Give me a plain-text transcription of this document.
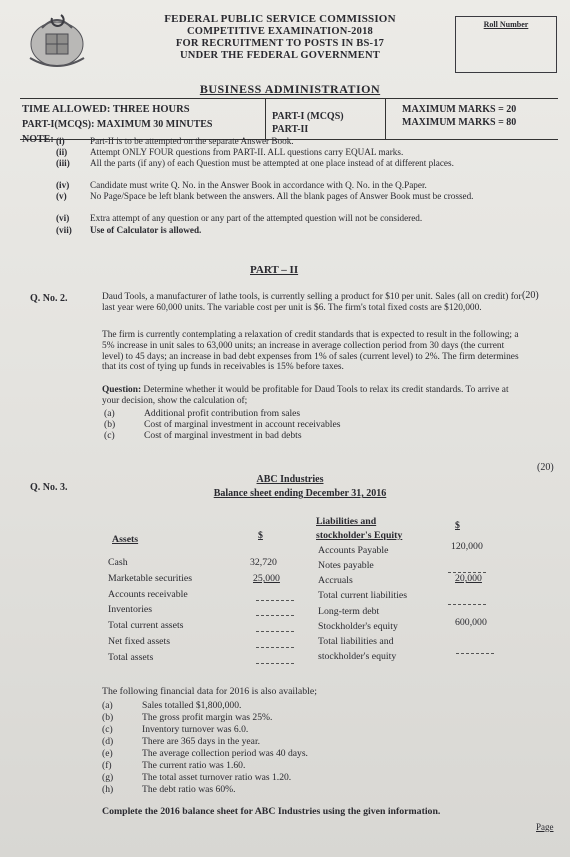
FEDERAL PUBLIC SERVICE COMMISSION
COMPETITIVE EXAMINATION-2018
FOR RECRUITMENT TO POSTS IN BS-17
UNDER THE FEDERAL GOVERNMENT
Roll Number
BUSINESS ADMINISTRATION
TIME ALLOWED: THREE HOURS
PART-I(MCQS): MAXIMUM 30 MINUTES
PART-I (MCQS)
PART-II
MAXIMUM MARKS = 20
MAXIMUM MARKS = 80
NOTE: (i)	Part-II is to be attempted on the separate Answer Book.
(ii) Attempt ONLY FOUR questions from PART-II. ALL questions carry EQUAL marks.
(iii) All the parts (if any) of each Question must be attempted at one place instead of at different places.
(iv) Candidate must write Q. No. in the Answer Book in accordance with Q. No. in the Q.Paper.
(v)	No Page/Space be left blank between the answers. All the blank pages of Answer Book must be crossed.
(vi) Extra attempt of any question or any part of the attempted question will not be considered.
(vii) Use of Calculator is allowed.
PART – II
Q. No. 2.	(20)
Daud Tools, a manufacturer of lathe tools, is currently selling a product for $10 per unit. Sales (all on credit) for last year were 60,000 units. The variable cost per unit is $6. The firm's total fixed costs are $120,000.
The firm is currently contemplating a relaxation of credit standards that is expected to result in the following; a 5% increase in unit sales to 63,000 units; an increase in average collection period from 30 days (the current level) to 45 days; an increase in bad debt expenses from 1% of sales (current level) to 2%. The firm determines that its cost of tying up funds in receivables is 15% before taxes.
Question: Determine whether it would be profitable for Daud Tools to relax its credit standards. To arrive at your decision, show the calculation of;
(a)	Additional profit contribution from sales
(b)	Cost of marginal investment in account receivables
(c)	Cost of marginal investment in bad debts
Q. No. 3.
(20)
ABC Industries
Balance sheet ending December 31, 2016
Assets	$
Liabilities and
stockholder's Equity
$
Cash	32,720
Marketable securities	25,000
Accounts receivable
Inventories
Total current assets
Net fixed assets
Total assets
Accounts Payable	120,000
Notes payable
Accruals	20,000
Total current liabilities
Long-term debt
Stockholder's equity	600,000
Total liabilities and
stockholder's equity
The following financial data for 2016 is also available;
(a)	Sales totalled $1,800,000.
(b)	The gross profit margin was 25%.
(c)	Inventory turnover was 6.0.
(d)	There are 365 days in the year.
(e)	The average collection period was 40 days.
(f)	The current ratio was 1.60.
(g)	The total asset turnover ratio was 1.20.
(h)	The debt ratio was 60%.
Complete the 2016 balance sheet for ABC Industries using the given information.
Page
